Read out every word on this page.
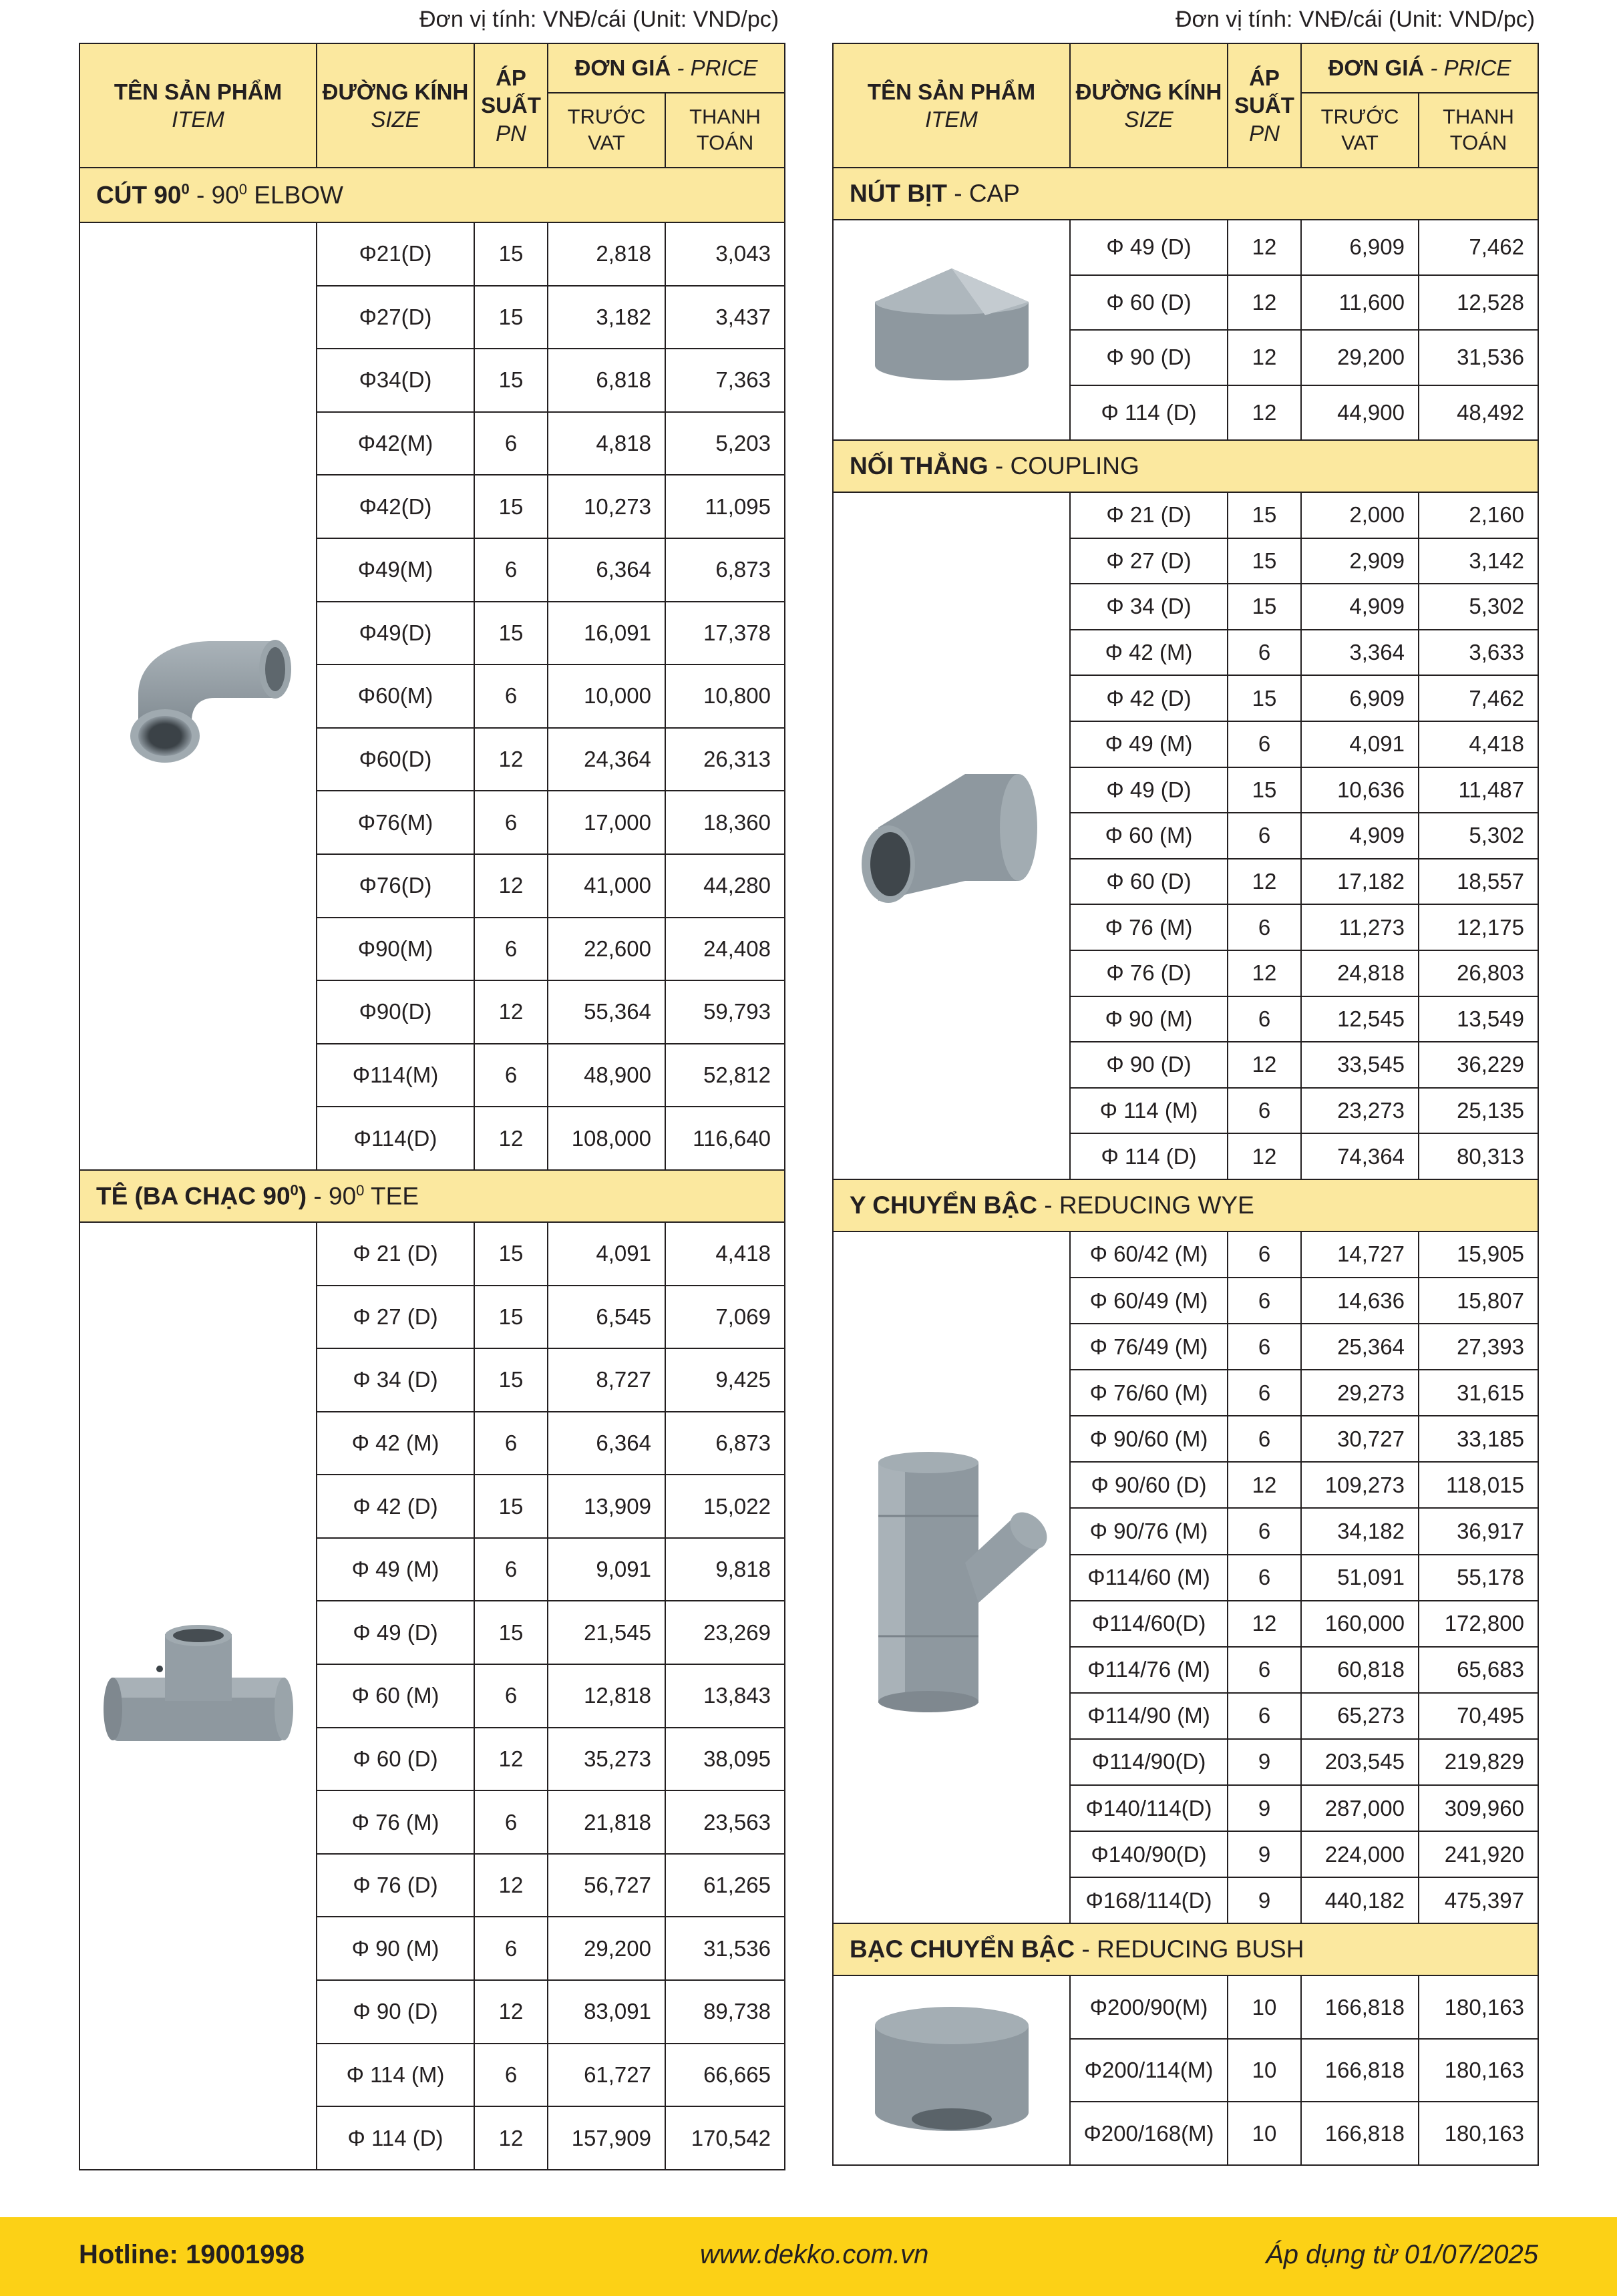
Đơn vị tính: VNĐ/cái (Unit: VND/pc)	Đơn vị tính: VNĐ/cái (Unit: VND/pc)
TÊN SẢN PHẨM
ITEM	ĐƯỜNG KÍNH
SIZE	ÁP
SUẤT
PN	ĐƠN GIÁ - PRICE	
			TRƯỚC VAT	THANH TOÁN
CÚT $90^0 - 90^0$ ELBOW				
	Φ21(D)	15	2,818	3,043
	Φ27(D)	15	3,182	3,437
	Φ34(D)	15	6,818	7,363
	Φ42(M)	6	4,818	5,203
	Φ42(D)	15	10,273	11,095
	Φ49(M)	6	6,364	6,873
	Φ49(D)	15	16,091	17,378
	Φ60(M)	6	10,000	10,800
	Φ60(D)	12	24,364	26,313
	Φ76(M)	6	17,000	18,360
	Φ76(D)	12	41,000	44,280
	Φ90(M)	6	22,600	24,408
	Φ90(D)	12	55,364	59,793
	Φ114(M)	6	48,900	52,812
	Φ114(D)	12	108,000	116,640
TÊ (BA CHẠC $90^0) - 90^0$ TEE				
	Φ 21 (D)	15	4,091	4,418
	Φ 27 (D)	15	6,545	7,069
	Φ 34 (D)	15	8,727	9,425
	Φ 42 (M)	6	6,364	6,873
	Φ 42 (D)	15	13,909	15,022
	Φ 49 (M)	6	9,091	9,818
	Φ 49 (D)	15	21,545	23,269
	Φ 60 (M)	6	12,818	13,843
	Φ 60 (D)	12	35,273	38,095
	Φ 76 (M)	6	21,818	23,563
	Φ 76 (D)	12	56,727	61,265
	Φ 90 (M)	6	29,200	31,536
	Φ 90 (D)	12	83,091	89,738
	Φ 114 (M)	6	61,727	66,665
	Φ 114 (D)	12	157,909	170,542
TÊN SẢN PHẨM
ITEM	ĐƯỜNG KÍNH
SIZE	ÁP
SUẤT
PN	ĐƠN GIÁ - PRICE	
			TRƯỚC VAT	THANH TOÁN
NÚT BỊT - CAP				
	Φ 49 (D)	12	6,909	7,462
	Φ 60 (D)	12	11,600	12,528
	Φ 90 (D)	12	29,200	31,536
	Φ 114 (D)	12	44,900	48,492
NỐI THẲNG - COUPLING				
	Φ 21 (D)	15	2,000	2,160
	Φ 27 (D)	15	2,909	3,142
	Φ 34 (D)	15	4,909	5,302
	Φ 42 (M)	6	3,364	3,633
	Φ 42 (D)	15	6,909	7,462
	Φ 49 (M)	6	4,091	4,418
	Φ 49 (D)	15	10,636	11,487
	Φ 60 (M)	6	4,909	5,302
	Φ 60 (D)	12	17,182	18,557
	Φ 76 (M)	6	11,273	12,175
	Φ 76 (D)	12	24,818	26,803
	Φ 90 (M)	6	12,545	13,549
	Φ 90 (D)	12	33,545	36,229
	Φ 114 (M)	6	23,273	25,135
	Φ 114 (D)	12	74,364	80,313
Y CHUYỂN BẬC - REDUCING WYE				
	Φ 60/42 (M)	6	14,727	15,905
	Φ 60/49 (M)	6	14,636	15,807
	Φ 76/49 (M)	6	25,364	27,393
	Φ 76/60 (M)	6	29,273	31,615
	Φ 90/60 (M)	6	30,727	33,185
	Φ 90/60 (D)	12	109,273	118,015
	Φ 90/76 (M)	6	34,182	36,917
	Φ114/60 (M)	6	51,091	55,178
	Φ114/60(D)	12	160,000	172,800
	Φ114/76 (M)	6	60,818	65,683
	Φ114/90 (M)	6	65,273	70,495
	Φ114/90(D)	9	203,545	219,829
	Φ140/114(D)	9	287,000	309,960
	Φ140/90(D)	9	224,000	241,920
	Φ168/114(D)	9	440,182	475,397
BẠC CHUYỂN BẬC - REDUCING BUSH				
	Φ200/90(M)	10	166,818	180,163
	Φ200/114(M)	10	166,818	180,163
	Φ200/168(M)	10	166,818	180,163
Hotline: 19001998	www.dekko.com.vn	Áp dụng từ 01/07/2025
